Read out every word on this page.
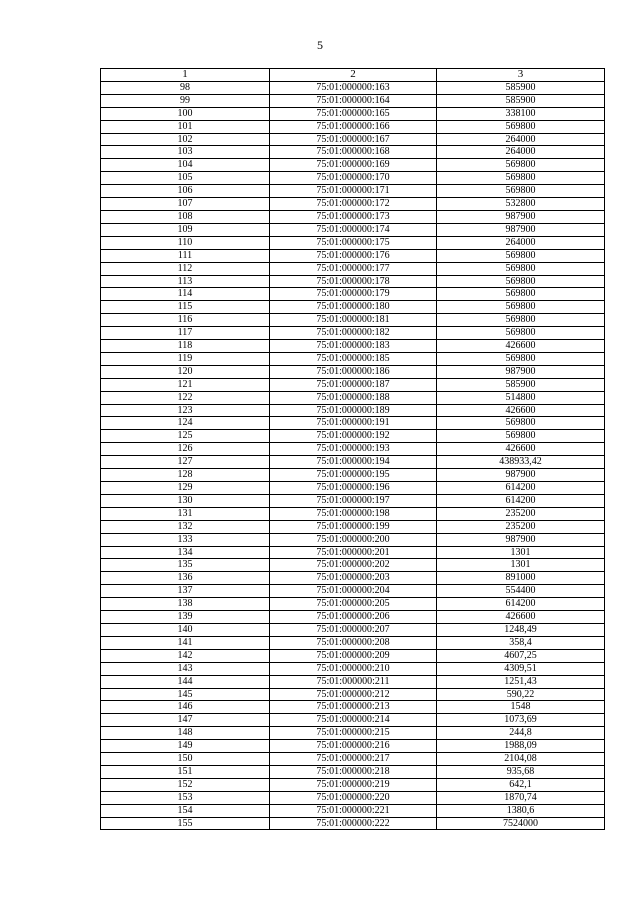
5
1	2	3
98	75:01:000000:163	585900
99	75:01:000000:164	585900
100	75:01:000000:165	338100
101	75:01:000000:166	569800
102	75:01:000000:167	264000
103	75:01:000000:168	264000
104	75:01:000000:169	569800
105	75:01:000000:170	569800
106	75:01:000000:171	569800
107	75:01:000000:172	532800
108	75:01:000000:173	987900
109	75:01:000000:174	987900
110	75:01:000000:175	264000
111	75:01:000000:176	569800
112	75:01:000000:177	569800
113	75:01:000000:178	569800
114	75:01:000000:179	569800
115	75:01:000000:180	569800
116	75:01:000000:181	569800
117	75:01:000000:182	569800
118	75:01:000000:183	426600
119	75:01:000000:185	569800
120	75:01:000000:186	987900
121	75:01:000000:187	585900
122	75:01:000000:188	514800
123	75:01:000000:189	426600
124	75:01:000000:191	569800
125	75:01:000000:192	569800
126	75:01:000000:193	426600
127	75:01:000000:194	438933,42
128	75:01:000000:195	987900
129	75:01:000000:196	614200
130	75:01:000000:197	614200
131	75:01:000000:198	235200
132	75:01:000000:199	235200
133	75:01:000000:200	987900
134	75:01:000000:201	1301
135	75:01:000000:202	1301
136	75:01:000000:203	891000
137	75:01:000000:204	554400
138	75:01:000000:205	614200
139	75:01:000000:206	426600
140	75:01:000000:207	1248,49
141	75:01:000000:208	358,4
142	75:01:000000:209	4607,25
143	75:01:000000:210	4309,51
144	75:01:000000:211	1251,43
145	75:01:000000:212	590,22
146	75:01:000000:213	1548
147	75:01:000000:214	1073,69
148	75:01:000000:215	244,8
149	75:01:000000:216	1988,09
150	75:01:000000:217	2104,08
151	75:01:000000:218	935,68
152	75:01:000000:219	642,1
153	75:01:000000:220	1870,74
154	75:01:000000:221	1380,6
155	75:01:000000:222	7524000
